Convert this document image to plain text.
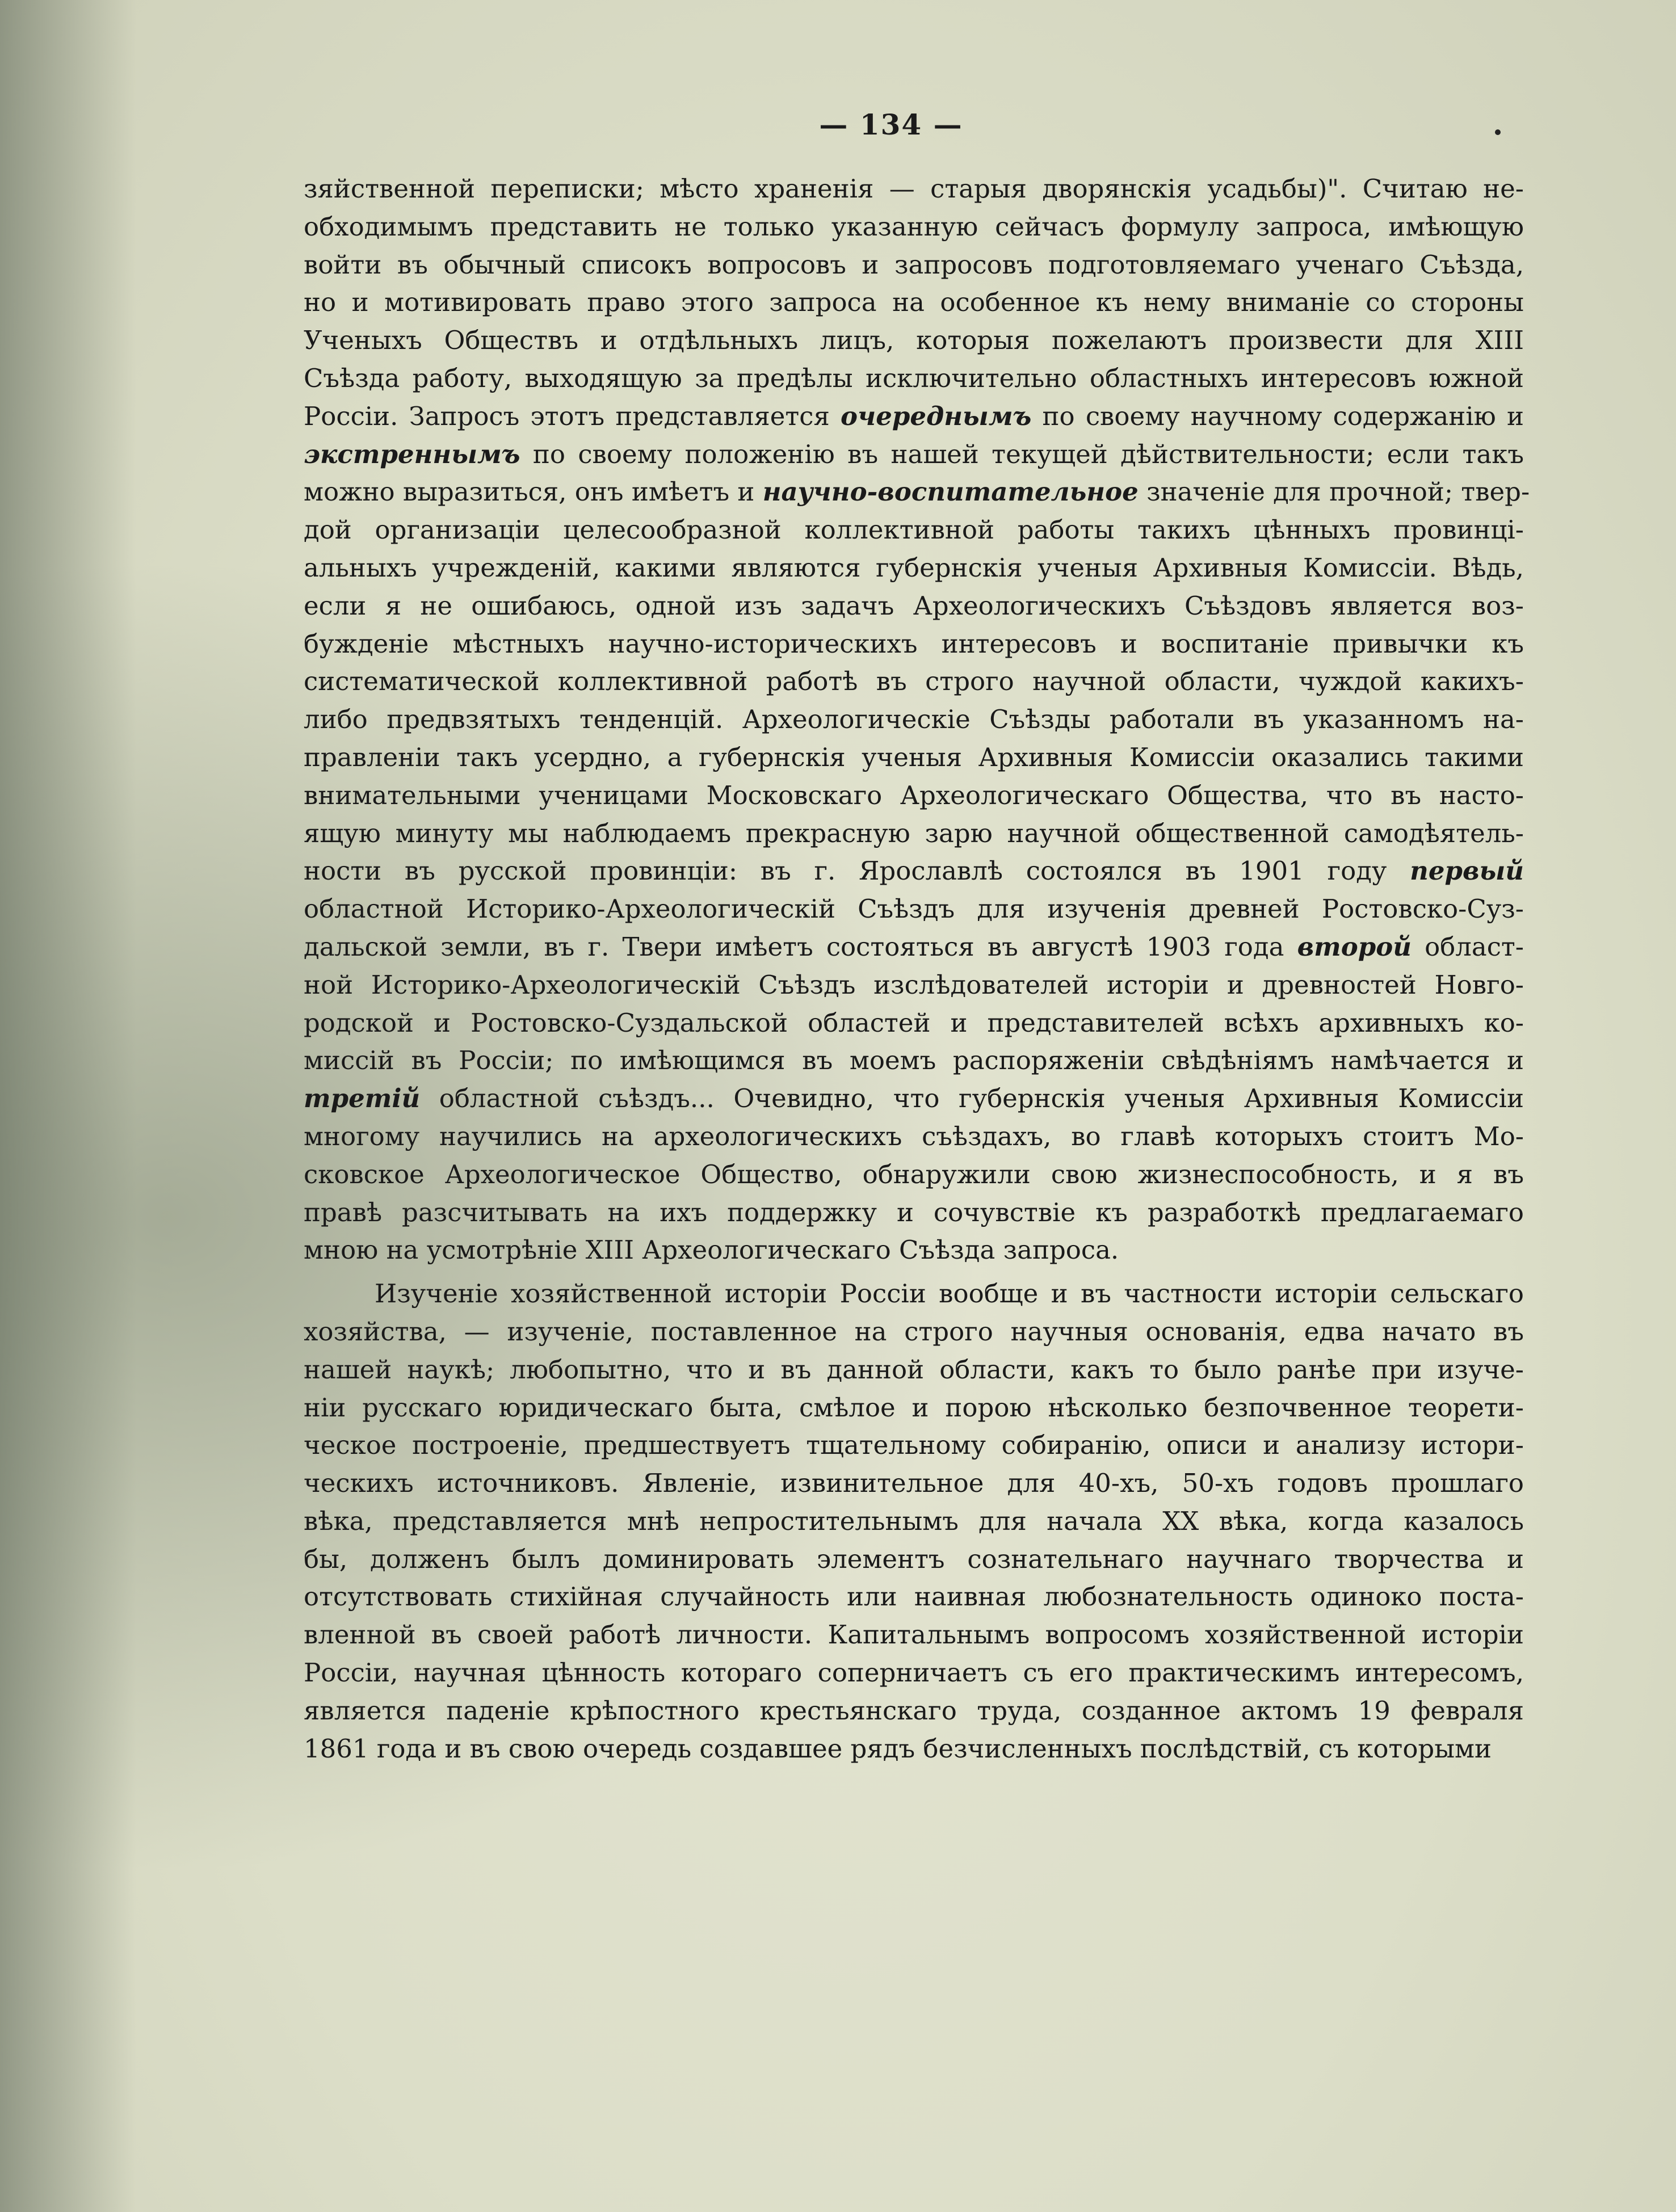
— 134 —

зяйственной переписки; мѣсто храненія — старыя дворянскія усадьбы)". Считаю не-

обходимымъ представить не только указанную сейчасъ формулу запроса, имѣющую

войти въ обычный списокъ вопросовъ и запросовъ подготовляемаго ученаго Съѣзда,

но и мотивировать право этого запроса на особенное къ нему вниманіе со стороны

Ученыхъ Обществъ и отдѣльныхъ лицъ, которыя пожелаютъ произвести для XIII

Съѣзда работу, выходящую за предѣлы исключительно областныхъ интересовъ южной

Россіи. Запросъ этотъ представляется очереднымъ по своему научному содержанію и

экстреннымъ по своему положенію въ нашей текущей дѣйствительности; если такъ

можно выразиться, онъ имѣетъ и научно-воспитательное значеніе для прочной; твер-

дой организаціи целесообразной коллективной работы такихъ цѣнныхъ провинці-

альныхъ учрежденій, какими являются губернскія ученыя Архивныя Комиссіи. Вѣдь,

если я не ошибаюсь, одной изъ задачъ Археологическихъ Съѣздовъ является воз-

бужденіе мѣстныхъ научно-историческихъ интересовъ и воспитаніе привычки къ

систематической коллективной работѣ въ строго научной области, чуждой какихъ-

либо предвзятыхъ тенденцій. Археологическіе Съѣзды работали въ указанномъ на-

правленіи такъ усердно, а губернскія ученыя Архивныя Комиссіи оказались такими

внимательными ученицами Московскаго Археологическаго Общества, что въ насто-

ящую минуту мы наблюдаемъ прекрасную зарю научной общественной самодѣятель-

ности въ русской провинціи: въ г. Ярославлѣ состоялся въ 1901 году первый

областной Историко-Археологическій Съѣздъ для изученія древней Ростовско-Суз-

дальской земли, въ г. Твери имѣетъ состояться въ августѣ 1903 года второй област-

ной Историко-Археологическій Съѣздъ изслѣдователей исторіи и древностей Новго-

родской и Ростовско-Суздальской областей и представителей всѣхъ архивныхъ ко-

миссій въ Россіи; по имѣющимся въ моемъ распоряженіи свѣдѣніямъ намѣчается и

третій областной съѣздъ... Очевидно, что губернскія ученыя Архивныя Комиссіи

многому научились на археологическихъ съѣздахъ, во главѣ которыхъ стоитъ Мо-

сковское Археологическое Общество, обнаружили свою жизнеспособность, и я въ

правѣ разсчитывать на ихъ поддержку и сочувствіе къ разработкѣ предлагаемаго

мною на усмотрѣніе XIII Археологическаго Съѣзда запроса.

Изученіе хозяйственной исторіи Россіи вообще и въ частности исторіи сельскаго

хозяйства, — изученіе, поставленное на строго научныя основанія, едва начато въ

нашей наукѣ; любопытно, что и въ данной области, какъ то было ранѣе при изуче-

ніи русскаго юридическаго быта, смѣлое и порою нѣсколько безпочвенное теорети-

ческое построеніе, предшествуетъ тщательному собиранію, описи и анализу истори-

ческихъ источниковъ. Явленіе, извинительное для 40-хъ, 50-хъ годовъ прошлаго

вѣка, представляется мнѣ непростительнымъ для начала XX вѣка, когда казалось

бы, долженъ былъ доминировать элементъ сознательнаго научнаго творчества и

отсутствовать стихійная случайность или наивная любознательность одиноко поста-

вленной въ своей работѣ личности. Капитальнымъ вопросомъ хозяйственной исторіи

Россіи, научная цѣнность котораго соперничаетъ съ его практическимъ интересомъ,

является паденіе крѣпостного крестьянскаго труда, созданное актомъ 19 февраля

1861 года и въ свою очередь создавшее рядъ безчисленныхъ послѣдствій, съ которыми
